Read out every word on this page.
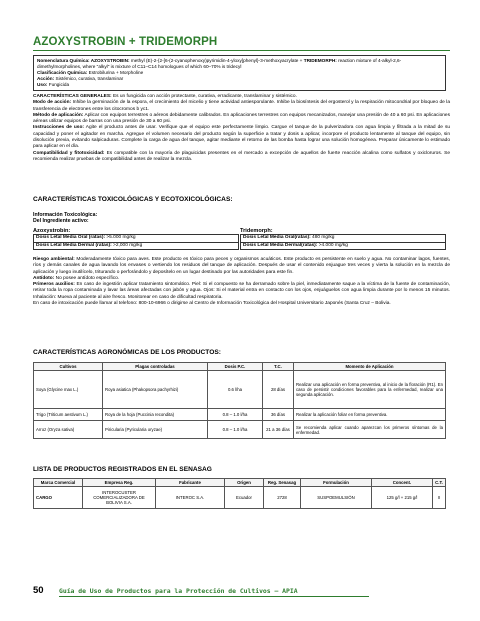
AZOXYSTROBIN + TRIDEMORPH
Nomenclatura Química: AZOXYSTROBIN: methyl (E)-2-{2-[6-(2-cyanophenoxy)pyrimidin-4-yloxy]phenyl}-3-methoxyacrylate + TRIDEMORPH: reaction mixture of 4-alkyl-2,6-dimethylmorpholines, where "alkyl" is mixture of C11–C14 homologues of which 60–70% is tridecyl
Clasificación Química: Estrobilurina + Morpholine
Acción: Sistémico, curativa, translaminar
Uso: Fungicida
CARACTERÍSTICAS GENERALES: Es un fungicida con acción protectante, curativa, erradicante, translaminar y sistémico.
Modo de acción: Inhibe la germinación de la espora, el crecimiento del micelio y tiene actividad antiesporulante. Inhibe la biosíntesis del ergosterol y la respiración mitocondrial por bloqueo de la transferencia de electrones entre los citocromos b yc1.
Método de aplicación: Aplicar con equipos terrestres o aéreos debidamente calibrados. En aplicaciones terrestres con equipos mecanizados, manejar una presión de 40 a 60 psi. En aplicaciones aéreas utilizar equipos de barras con una presión de 30 a 60 psi.
Instrucciones de uso: Agite el producto antes de usar. Verifique que el equipo este perfectamente limpio. Cargue el tanque de la pulverizadora con agua limpia y filtrada a la mitad de su capacidad y poner el agitador en marcha. Agregue el volumen necesario del producto según la superficie a tratar y dosis a aplicar, incorpore el producto lentamente al tanque del equipo, sin disolución previa, evitando salpicaduras. Complete la carga de agua del tanque, agitar mediante el retorno de las bomba hasta lograr una solución homogénea. Preparar únicamente lo estimado para aplicar en el día.
Compatibilidad y fitotoxicidad: Es compatible con la mayoría de plaguicidas presentes en el mercado a excepción de aquellos de fuerte reacción alcalina como sulfatos y oxicloruros. Se recomienda realizar pruebas de compatibilidad antes de realizar la mezcla.
CARACTERÍSTICAS TOXICOLÓGICAS Y ECOTOXICOLÓGICAS:
Información Toxicológica:
Del Ingrediente activo:
Azoxystrobin:
Dosis Letal Media Oral (ratas): >5.000 mg/kg
Dosis Letal Media Dermal (ratas): >2,000 mg/kg
Tridemorph:
Dosis Letal Media Oral(ratas): 480 mg/kg
Dosis Letal Media Dermal(ratas): >4.000 mg/kg
Riesgo ambiental: Moderadamente tóxico para aves. Este producto es tóxico para peces y organismos acuáticos. Este producto es persistente en suelo y agua. No contaminar lagos, fuentes, ríos y demás canales de agua lavando los envases o vertiendo los residuos del tanque de aplicación. Después de usar el contenido enjuague tres veces y vierta la solución en la mezcla de aplicación y luego inutilícelo, triturando o perforándolo y deposítelo en un lugar destinado por las autoridades para este fin.
Antídoto: No posee antídoto específico.
Primeros auxilios: En caso de ingestión aplicar tratamiento sintomático. Piel: Si el compuesto se ha derramado sobre la piel, inmediatamente saque a la víctima de la fuente de contaminación, retirar toda la ropa contaminada y lavar las áreas afectadas con jabón y agua. Ojos: Si el material entra en contacto con los ojos, enjuáguelos con agua limpia durante por lo menos 15 minutos. Inhalación: Mueva al paciente al aire fresco. Monitorear en caso de dificultad respiratoria.
En caso de intoxicación puede llamar al telefono: 800-10-6966 o dirigirse al Centro de Información Toxicológica del Hospital Universitario Japonés (Santa Cruz – Bolivia.
CARACTERÍSTICAS AGRONÓMICAS DE LOS PRODUCTOS:
Cultivos	Plagas controladas	Dosis P.C.	T.C.	Momento de Aplicación
Soya (Glycine max L.)	Roya asiatica (Phakopsora pachyrhizi)	0.6 l/ha	28 días	Realizar una aplicación en forma preventiva, al inicio de la floración (R1). En caso de persistir condiciones favorables para la enfermedad, realizar una segunda aplicación.
Trigo (Triticum aestivum L.)	Roya de la hoja (Puccinia recondita)	0.8 – 1.0 l/ha	36 días	Realizar la aplicación foliar en forma preventiva.
Arroz (Oryza sativa)	Piricularia (Pyricularia oryzae)	0.8 – 1.0 l/ha	21 a 36 días	Se recomienda aplicar cuando aparezcan los primeros síntomas de la enfermedad.
LISTA DE PRODUCTOS REGISTRADOS EN EL SENASAG
Marca Comercial	Empresa Reg.	Fabricante	Origen	Reg. Senasag	Formulación	Concent.	C.T.
CARGO	INTEROCUSTER COMERCIALIZADORA DE BOLIVIA S.A.	INTEROC S.A.	Ecuador	2728	SUSPOEMULSIÓN	125 g/l + 215 g/l	II
50 Guía de Uso de Productos para la Protección de Cultivos – APIA
